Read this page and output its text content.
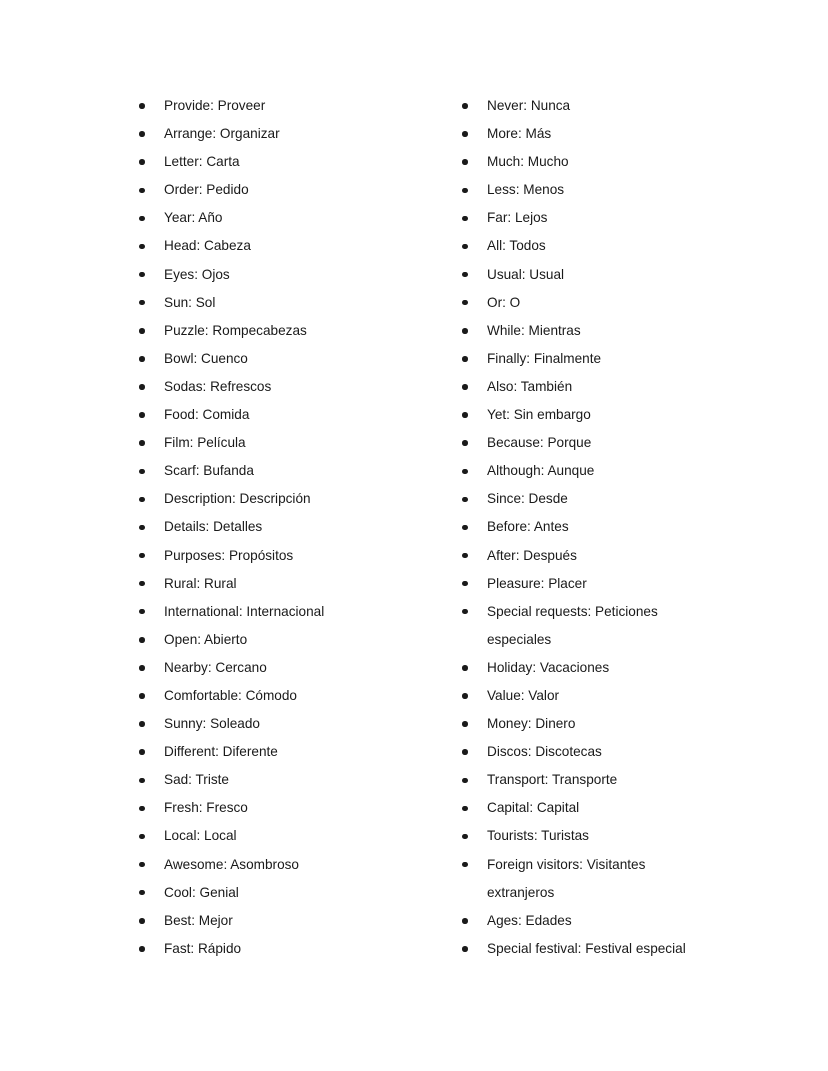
Provide: Proveer
Arrange: Organizar
Letter: Carta
Order: Pedido
Year: Año
Head: Cabeza
Eyes: Ojos
Sun: Sol
Puzzle: Rompecabezas
Bowl: Cuenco
Sodas: Refrescos
Food: Comida
Film: Película
Scarf: Bufanda
Description: Descripción
Details: Detalles
Purposes: Propósitos
Rural: Rural
International: Internacional
Open: Abierto
Nearby: Cercano
Comfortable: Cómodo
Sunny: Soleado
Different: Diferente
Sad: Triste
Fresh: Fresco
Local: Local
Awesome: Asombroso
Cool: Genial
Best: Mejor
Fast: Rápido
Never: Nunca
More: Más
Much: Mucho
Less: Menos
Far: Lejos
All: Todos
Usual: Usual
Or: O
While: Mientras
Finally: Finalmente
Also: También
Yet: Sin embargo
Because: Porque
Although: Aunque
Since: Desde
Before: Antes
After: Después
Pleasure: Placer
Special requests: Peticiones especiales
Holiday: Vacaciones
Value: Valor
Money: Dinero
Discos: Discotecas
Transport: Transporte
Capital: Capital
Tourists: Turistas
Foreign visitors: Visitantes extranjeros
Ages: Edades
Special festival: Festival especial
